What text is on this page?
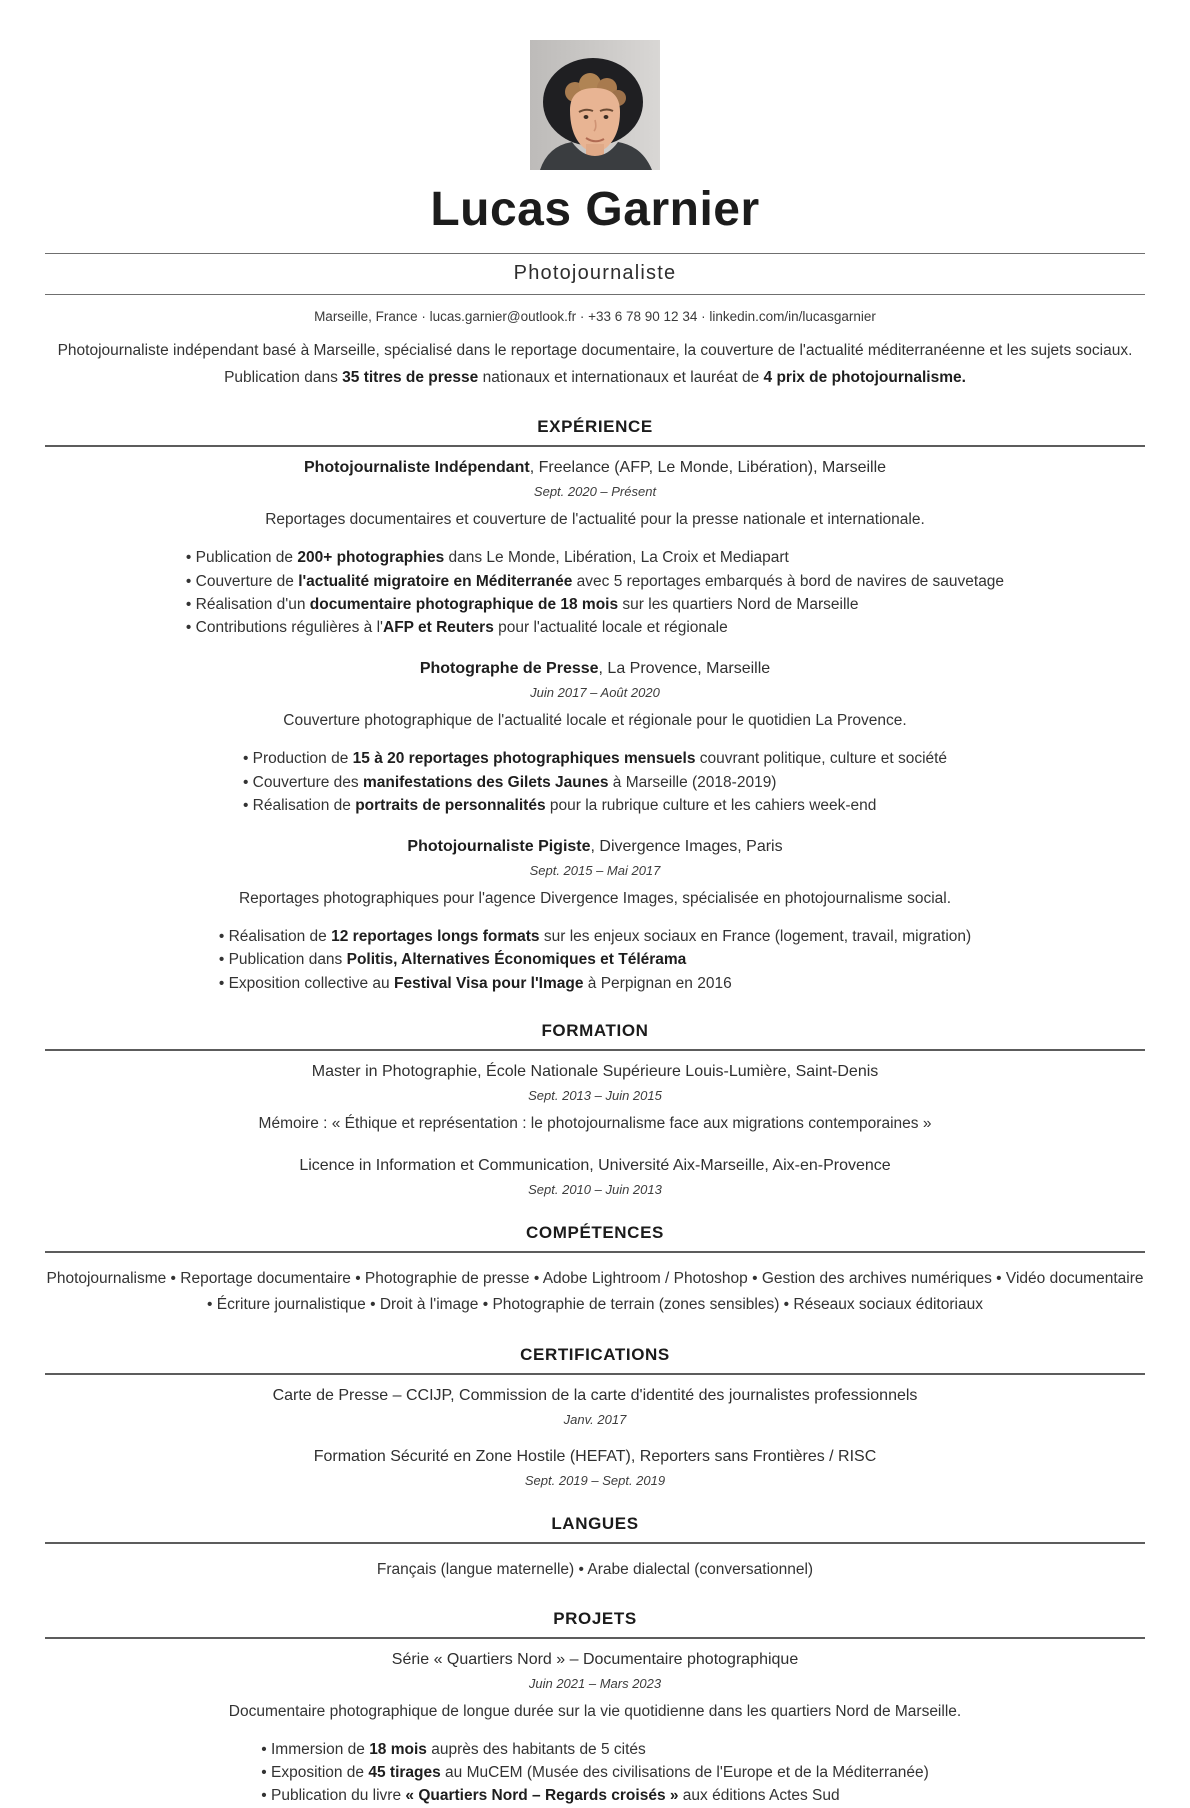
Lucas Garnier
Photojournaliste
Marseille, France · lucas.garnier@outlook.fr · +33 6 78 90 12 34 · linkedin.com/in/lucasgarnier

Photojournaliste indépendant basé à Marseille, spécialisé dans le reportage documentaire, la couverture de l'actualité méditerranéenne et les sujets sociaux. Publication dans 35 titres de presse nationaux et internationaux et lauréat de 4 prix de photojournalisme.

EXPÉRIENCE
Photojournaliste Indépendant, Freelance (AFP, Le Monde, Libération), Marseille
Sept. 2020 – Présent

Reportages documentaires et couverture de l'actualité pour la presse nationale et internationale.

• Publication de 200+ photographies dans Le Monde, Libération, La Croix et Mediapart
• Couverture de l'actualité migratoire en Méditerranée avec 5 reportages embarqués à bord de navires de sauvetage
• Réalisation d'un documentaire photographique de 18 mois sur les quartiers Nord de Marseille
• Contributions régulières à l'AFP et Reuters pour l'actualité locale et régionale
Photographe de Presse, La Provence, Marseille
Juin 2017 – Août 2020

Couverture photographique de l'actualité locale et régionale pour le quotidien La Provence.

• Production de 15 à 20 reportages photographiques mensuels couvrant politique, culture et société
• Couverture des manifestations des Gilets Jaunes à Marseille (2018-2019)
• Réalisation de portraits de personnalités pour la rubrique culture et les cahiers week-end
Photojournaliste Pigiste, Divergence Images, Paris
Sept. 2015 – Mai 2017

Reportages photographiques pour l'agence Divergence Images, spécialisée en photojournalisme social.

• Réalisation de 12 reportages longs formats sur les enjeux sociaux en France (logement, travail, migration)
• Publication dans Politis, Alternatives Économiques et Télérama
• Exposition collective au Festival Visa pour l'Image à Perpignan en 2016
FORMATION
Master in Photographie, École Nationale Supérieure Louis-Lumière, Saint-Denis
Sept. 2013 – Juin 2015

Mémoire : « Éthique et représentation : le photojournalisme face aux migrations contemporaines »

Licence in Information et Communication, Université Aix-Marseille, Aix-en-Provence
Sept. 2010 – Juin 2013
COMPÉTENCES

Photojournalisme • Reportage documentaire • Photographie de presse • Adobe Lightroom / Photoshop • Gestion des archives numériques • Vidéo documentaire • Écriture journalistique • Droit à l'image • Photographie de terrain (zones sensibles) • Réseaux sociaux éditoriaux

CERTIFICATIONS
Carte de Presse – CCIJP, Commission de la carte d'identité des journalistes professionnels
Janv. 2017
Formation Sécurité en Zone Hostile (HEFAT), Reporters sans Frontières / RISC
Sept. 2019 – Sept. 2019
LANGUES

Français (langue maternelle) • Arabe dialectal (conversationnel)

PROJETS
Série « Quartiers Nord » – Documentaire photographique
Juin 2021 – Mars 2023

Documentaire photographique de longue durée sur la vie quotidienne dans les quartiers Nord de Marseille.

• Immersion de 18 mois auprès des habitants de 5 cités
• Exposition de 45 tirages au MuCEM (Musée des civilisations de l'Europe et de la Méditerranée)
• Publication du livre « Quartiers Nord – Regards croisés » aux éditions Actes Sud
